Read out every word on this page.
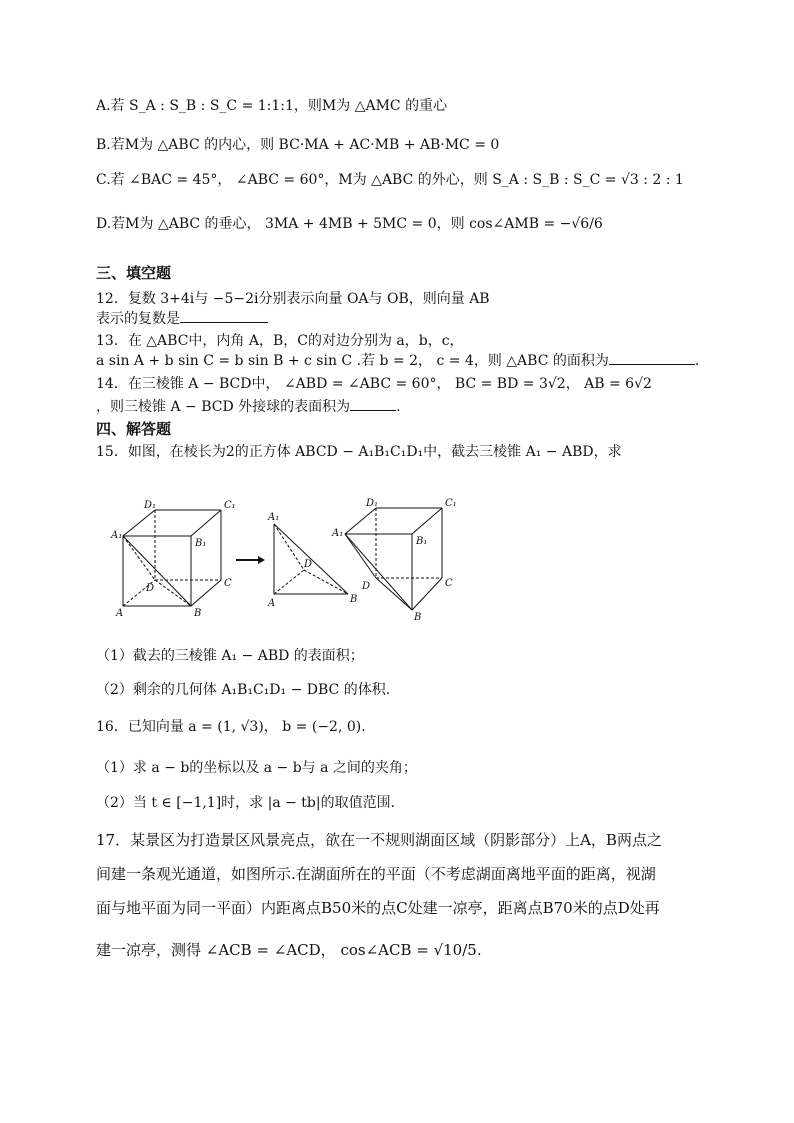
A.若 S_A : S_B : S_C = 1:1:1，则M为 △AMC 的重心
B.若M为 △ABC 的内心，则 BC·MA + AC·MB + AB·MC = 0
C.若 ∠BAC = 45°， ∠ABC = 60°，M为 △ABC 的外心，则 S_A : S_B : S_C = √3 : 2 : 1
D.若M为 △ABC 的垂心， 3MA + 4MB + 5MC = 0，则 cos∠AMB = −√6/6
三、填空题
12．复数 3+4i与 −5−2i分别表示向量 OA与 OB，则向量 AB
表示的复数是
13．在 △ABC中，内角 A，B，C的对边分别为 a，b，c，
a sin A + b sin C = b sin B + c sin C .若 b = 2， c = 4，则 △ABC 的面积为	.
14．在三棱锥 A − BCD中， ∠ABD = ∠ABC = 60°， BC = BD = 3√2， AB = 6√2
，则三棱锥 A − BCD 外接球的表面积为	.
四、解答题
15．如图，在棱长为2的正方体 ABCD − A₁B₁C₁D₁中，截去三棱锥 A₁ − ABD，求
D₁	C₁
A₁
B₁
D	C
A	B
A₁
D
A	B
D₁	C₁
A₁
B₁
D	C
B
（1）截去的三棱锥 A₁ − ABD 的表面积；
（2）剩余的几何体 A₁B₁C₁D₁ − DBC 的体积.
16．已知向量 a = (1, √3)， b = (−2, 0).
（1）求 a − b的坐标以及 a − b与 a 之间的夹角；
（2）当 t ∈ [−1,1]时，求 |a − tb|的取值范围.
17．某景区为打造景区风景亮点，欲在一不规则湖面区域（阴影部分）上A，B两点之
间建一条观光通道，如图所示.在湖面所在的平面（不考虑湖面离地平面的距离，视湖
面与地平面为同一平面）内距离点B50米的点C处建一凉亭，距离点B70米的点D处再
建一凉亭，测得 ∠ACB = ∠ACD， cos∠ACB = √10/5.
